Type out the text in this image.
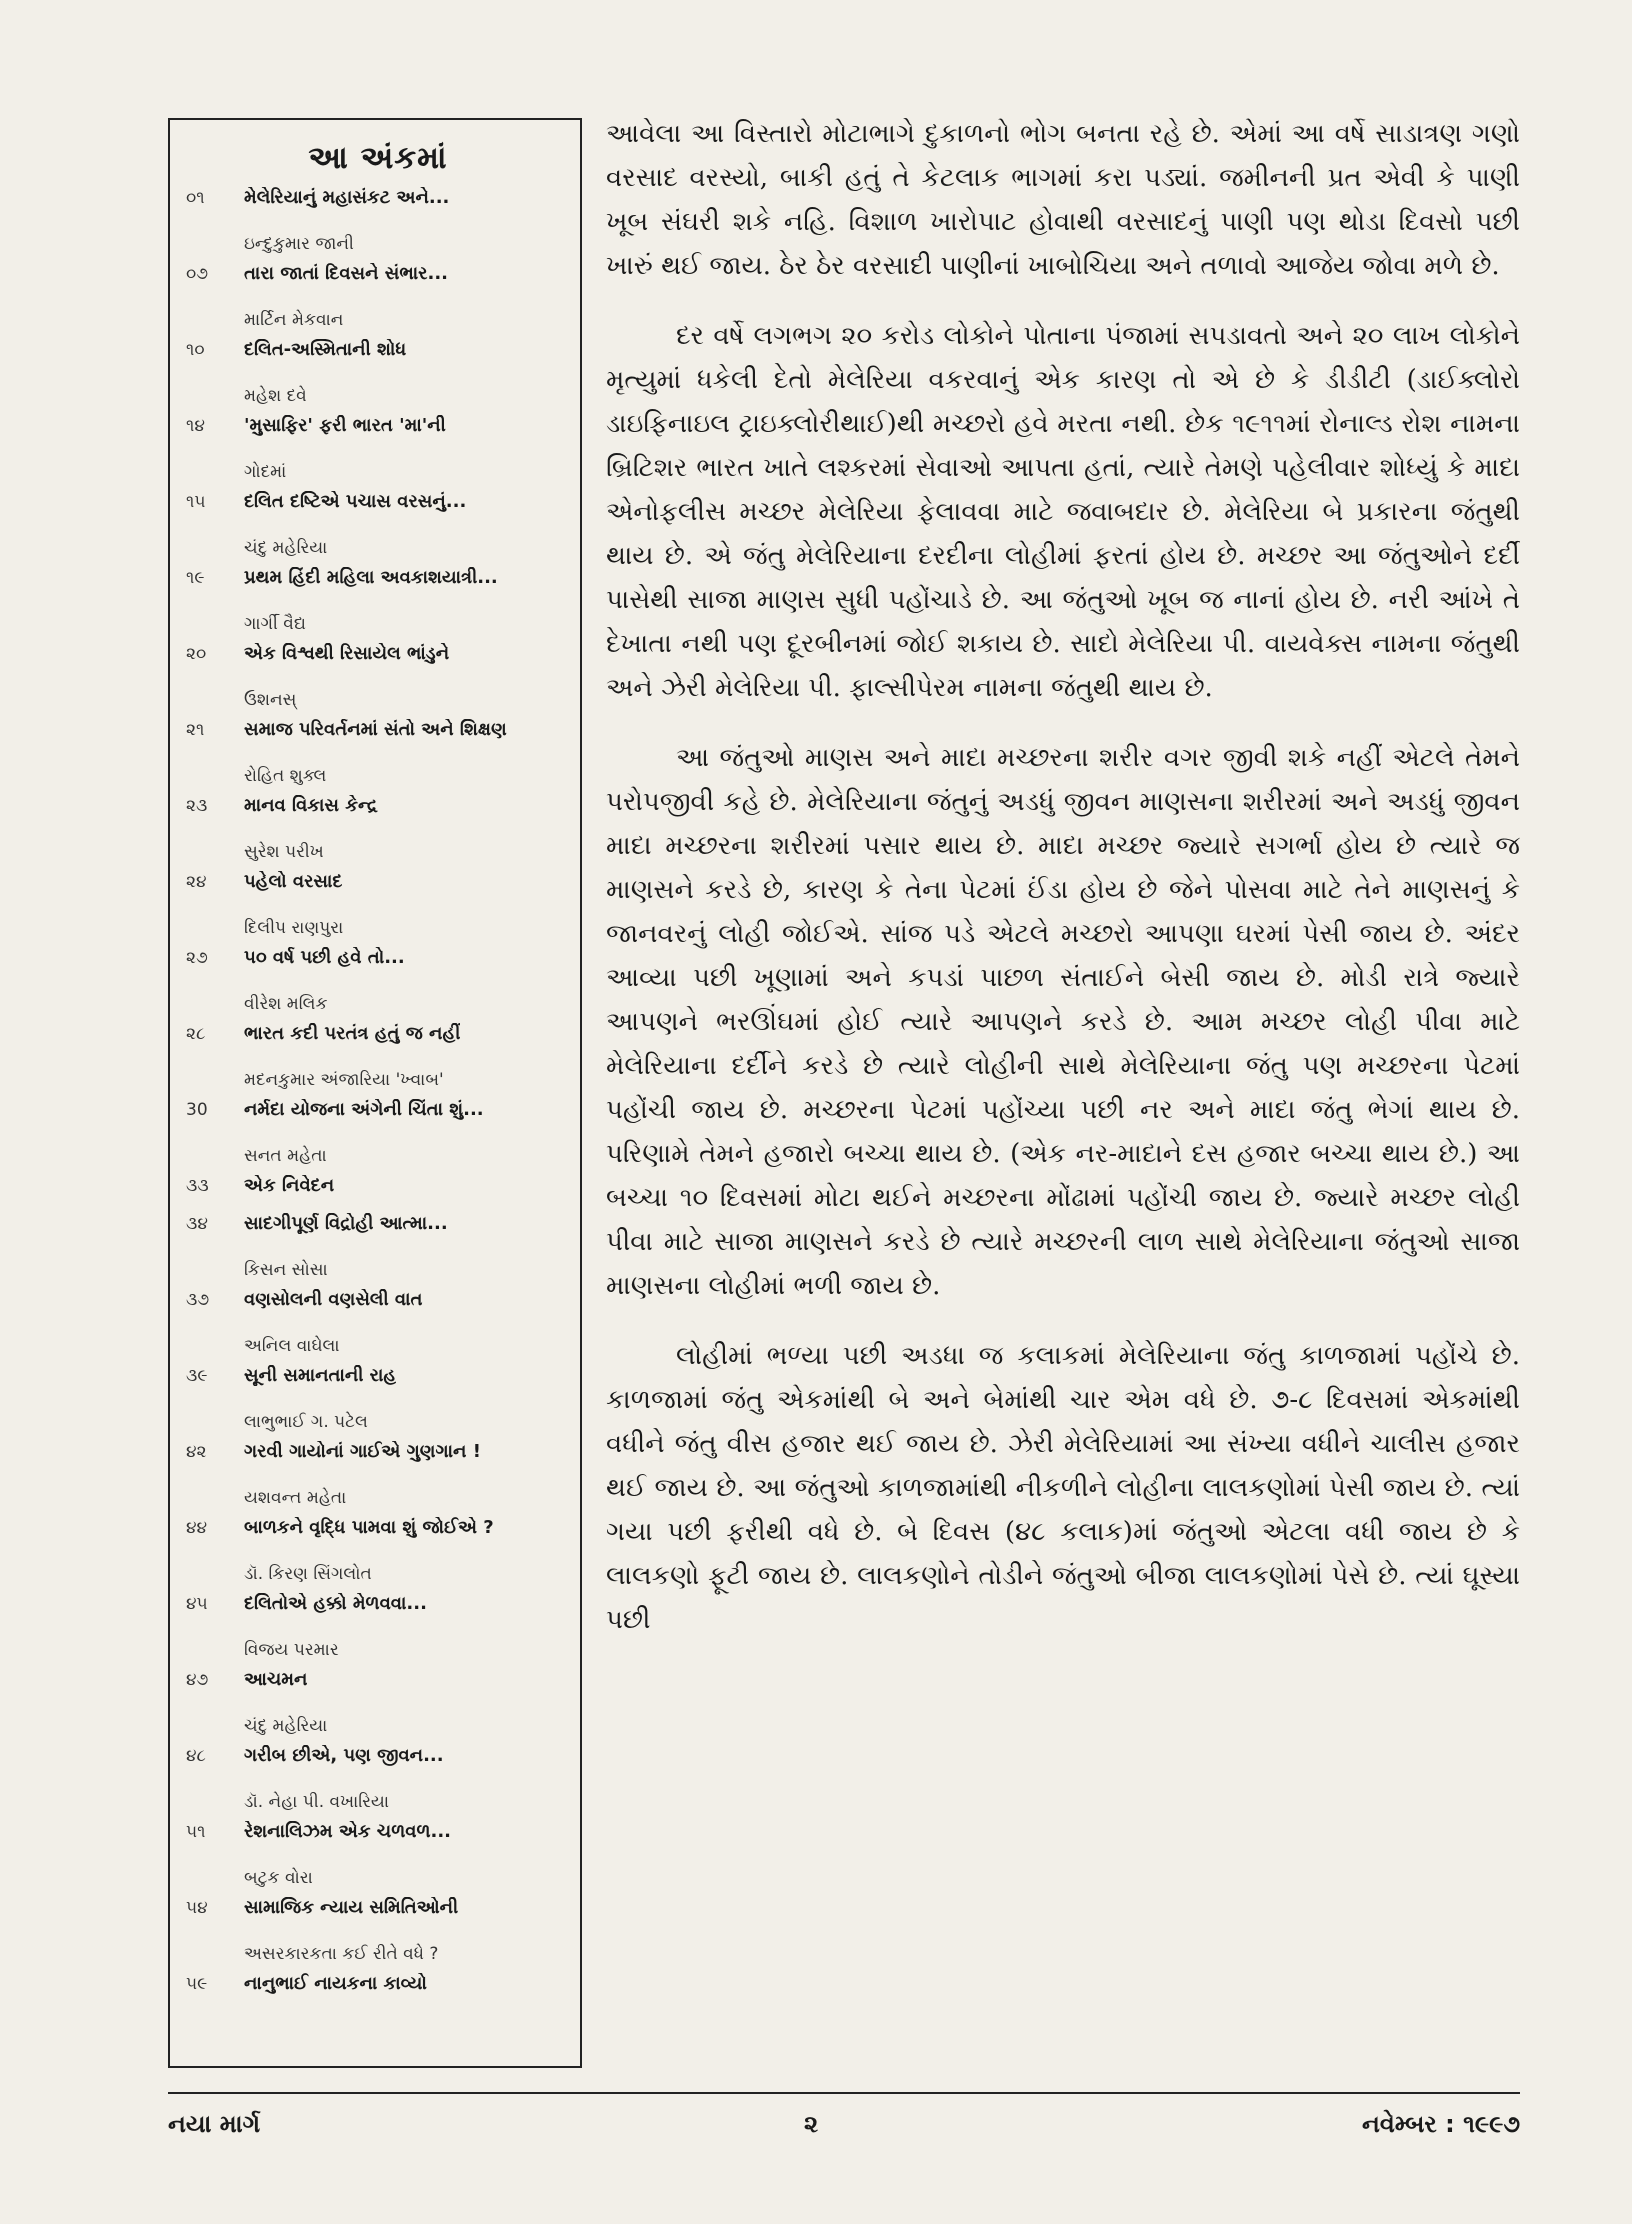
આ અંકમાં
૦૧	મેલેરિયાનું મહાસંકટ અને...
ઇન્દુકુમાર જાની
૦૭	તારા જાતાં દિવસને સંભાર...
માર્ટિન મેકવાન
૧૦	દલિત-અસ્મિતાની શોધ
મહેશ દવે
૧૪	'મુસાફિર' ફરી ભારત 'મા'ની
ગોદમાં
૧૫	દલિત દષ્ટિએ પચાસ વરસનું...
ચંદુ મહેરિયા
૧૯	પ્રથમ હિંદી મહિલા અવકાશયાત્રી...
ગાર્ગી વૈદ્ય
૨૦	એક વિશ્વથી રિસાયેલ ભાંડુને
ઉશનસ્
૨૧	સમાજ પરિવર્તનમાં સંતો અને શિક્ષણ
રોહિત શુક્લ
૨૩	માનવ વિકાસ કેન્દ્ર
સુરેશ પરીખ
૨૪	પહેલો વરસાદ
દિલીપ રાણપુરા
૨૭	૫૦ વર્ષ પછી હવે તો...
વીરેશ મલિક
૨૮	ભારત કદી પરતંત્ર હતું જ નહીં
મદનકુમાર અંજારિયા 'ખ્વાબ'
30	નર્મદા યોજના અંગેની ચિંતા શું...
સનત મહેતા
૩૩	એક નિવેદન
૩૪	સાદગીપૂર્ણ વિદ્રોહી આત્મા...
કિસન સોસા
૩૭	વણસોલની વણસેલી વાત
અનિલ વાઘેલા
૩૯	સૂની સમાનતાની રાહ
લાભુભાઈ ગ. પટેલ
૪૨	ગરવી ગાયોનાં ગાઈએ ગુણગાન !
યશવન્ત મહેતા
૪૪	બાળકને વૃદ્ધિ પામવા શું જોઈએ ?
ડૉ. કિરણ સિંગલોત
૪૫	દલિતોએ હક્કો મેળવવા...
વિજય પરમાર
૪૭	આચમન
ચંદુ મહેરિયા
૪૮	ગરીબ છીએ, પણ જીવન...
ડૉ. નેહા પી. વખારિયા
૫૧	રેશનાલિઝમ એક ચળવળ...
બટુક વોરા
૫૪	સામાજિક ન્યાય સમિતિઓની
અસરકારકતા કઈ રીતે વધે ?
૫૯	નાનુભાઈ નાયકના કાવ્યો

આવેલા આ વિસ્તારો મોટાભાગે દુકાળનો ભોગ બનતા રહે છે. એમાં આ વર્ષે સાડાત્રણ ગણો વરસાદ વરસ્યો, બાકી હતું તે કેટલાક ભાગમાં કરા પડ્યાં. જમીનની પ્રત એવી કે પાણી ખૂબ સંઘરી શકે નહિ. વિશાળ ખારોપાટ હોવાથી વરસાદનું પાણી પણ થોડા દિવસો પછી ખારું થઈ જાય. ઠેર ઠેર વરસાદી પાણીનાં ખાબોચિયા અને તળાવો આજેય જોવા મળે છે.

દર વર્ષે લગભગ ૨૦ કરોડ લોકોને પોતાના પંજામાં સપડાવતો અને ૨૦ લાખ લોકોને મૃત્યુમાં ધકેલી દેતો મેલેરિયા વકરવાનું એક કારણ તો એ છે કે ડીડીટી (ડાઈક્લોરો ડાઇફિનાઇલ ટ્રાઇક્લોરીથાઈ)થી મચ્છરો હવે મરતા નથી. છેક ૧૯૧૧માં રોનાલ્ડ રોશ નામના બ્રિટિશર ભારત ખાતે લશ્કરમાં સેવાઓ આપતા હતાં, ત્યારે તેમણે પહેલીવાર શોધ્યું કે માદા એનોફલીસ મચ્છર મેલેરિયા ફેલાવવા માટે જવાબદાર છે. મેલેરિયા બે પ્રકારના જંતુથી થાય છે. એ જંતુ મેલેરિયાના દરદીના લોહીમાં ફરતાં હોય છે. મચ્છર આ જંતુઓને દર્દી પાસેથી સાજા માણસ સુધી પહોંચાડે છે. આ જંતુઓ ખૂબ જ નાનાં હોય છે. નરી આંખે તે દેખાતા નથી પણ દૂરબીનમાં જોઈ શકાય છે. સાદો મેલેરિયા પી. વાયવેક્સ નામના જંતુથી અને ઝેરી મેલેરિયા પી. ફાલ્સીપેરમ નામના જંતુથી થાય છે.

આ જંતુઓ માણસ અને માદા મચ્છરના શરીર વગર જીવી શકે નહીં એટલે તેમને પરોપજીવી કહે છે. મેલેરિયાના જંતુનું અડધું જીવન માણસના શરીરમાં અને અડધું જીવન માદા મચ્છરના શરીરમાં પસાર થાય છે. માદા મચ્છર જ્યારે સગર્ભા હોય છે ત્યારે જ માણસને કરડે છે, કારણ કે તેના પેટમાં ઈંડા હોય છે જેને પોસવા માટે તેને માણસનું કે જાનવરનું લોહી જોઈએ. સાંજ પડે એટલે મચ્છરો આપણા ઘરમાં પેસી જાય છે. અંદર આવ્યા પછી ખૂણામાં અને કપડાં પાછળ સંતાઈને બેસી જાય છે. મોડી રાત્રે જ્યારે આપણને ભરઊંઘમાં હોઈ ત્યારે આપણને કરડે છે. આમ મચ્છર લોહી પીવા માટે મેલેરિયાના દર્દીને કરડે છે ત્યારે લોહીની સાથે મેલેરિયાના જંતુ પણ મચ્છરના પેટમાં પહોંચી જાય છે. મચ્છરના પેટમાં પહોંચ્યા પછી નર અને માદા જંતુ ભેગાં થાય છે. પરિણામે તેમને હજારો બચ્ચા થાય છે. (એક નર-માદાને દસ હજાર બચ્ચા થાય છે.) આ બચ્ચા ૧૦ દિવસમાં મોટા થઈને મચ્છરના મોંઢામાં પહોંચી જાય છે. જ્યારે મચ્છર લોહી પીવા માટે સાજા માણસને કરડે છે ત્યારે મચ્છરની લાળ સાથે મેલેરિયાના જંતુઓ સાજા માણસના લોહીમાં ભળી જાય છે.

લોહીમાં ભળ્યા પછી અડધા જ કલાકમાં મેલેરિયાના જંતુ કાળજામાં પહોંચે છે. કાળજામાં જંતુ એકમાંથી બે અને બેમાંથી ચાર એમ વધે છે. ૭-૮ દિવસમાં એકમાંથી વધીને જંતુ વીસ હજાર થઈ જાય છે. ઝેરી મેલેરિયામાં આ સંખ્યા વધીને ચાલીસ હજાર થઈ જાય છે. આ જંતુઓ કાળજામાંથી નીકળીને લોહીના લાલકણોમાં પેસી જાય છે. ત્યાં ગયા પછી ફરીથી વધે છે. બે દિવસ (૪૮ કલાક)માં જંતુઓ એટલા વધી જાય છે કે લાલકણો ફૂટી જાય છે. લાલકણોને તોડીને જંતુઓ બીજા લાલકણોમાં પેસે છે. ત્યાં ઘૂસ્યા પછી

નયા માર્ગ	૨	નવેમ્બર : ૧૯૯૭
